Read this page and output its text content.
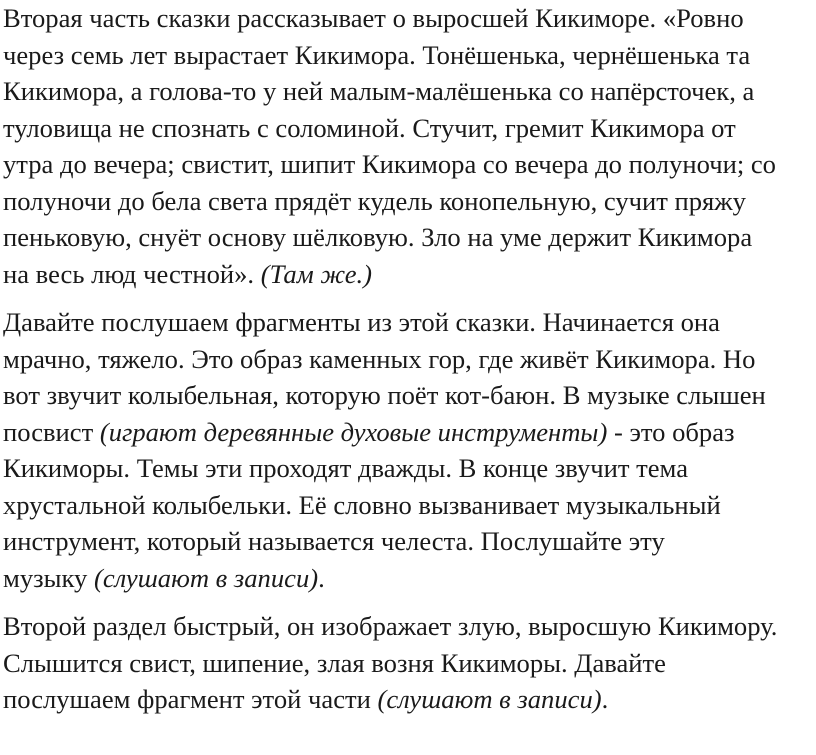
Вторая часть сказки рассказывает о выросшей Кикиморе. «Ровно
через семь лет вырастает Кикимора. Тонёшенька, чернёшенька та
Кикимора, а голова-то у ней малым-малёшенька со напёрсточек, а
туловища не спознать с соломиной. Стучит, гремит Кикимора от
утра до вечера; свистит, шипит Кикимора со вечера до полуночи; со
полуночи до бела света прядёт кудель конопельную, сучит пряжу
пеньковую, снуёт основу шёлковую. Зло на уме держит Кикимора
на весь люд честной». (Там же.)

Давайте послушаем фрагменты из этой сказки. Начинается она
мрачно, тяжело. Это образ каменных гор, где живёт Кикимора. Но
вот звучит колыбельная, которую поёт кот-баюн. В музыке слышен
посвист (играют деревянные духовые инструменты) - это образ
Кикиморы. Темы эти проходят дважды. В конце звучит тема
хрустальной колыбельки. Её словно вызванивает музыкальный
инструмент, который называется челеста. Послушайте эту
музыку (слушают в записи).

Второй раздел быстрый, он изображает злую, выросшую Кикимору.
Слышится свист, шипение, злая возня Кикиморы. Давайте
послушаем фрагмент этой части (слушают в записи).
